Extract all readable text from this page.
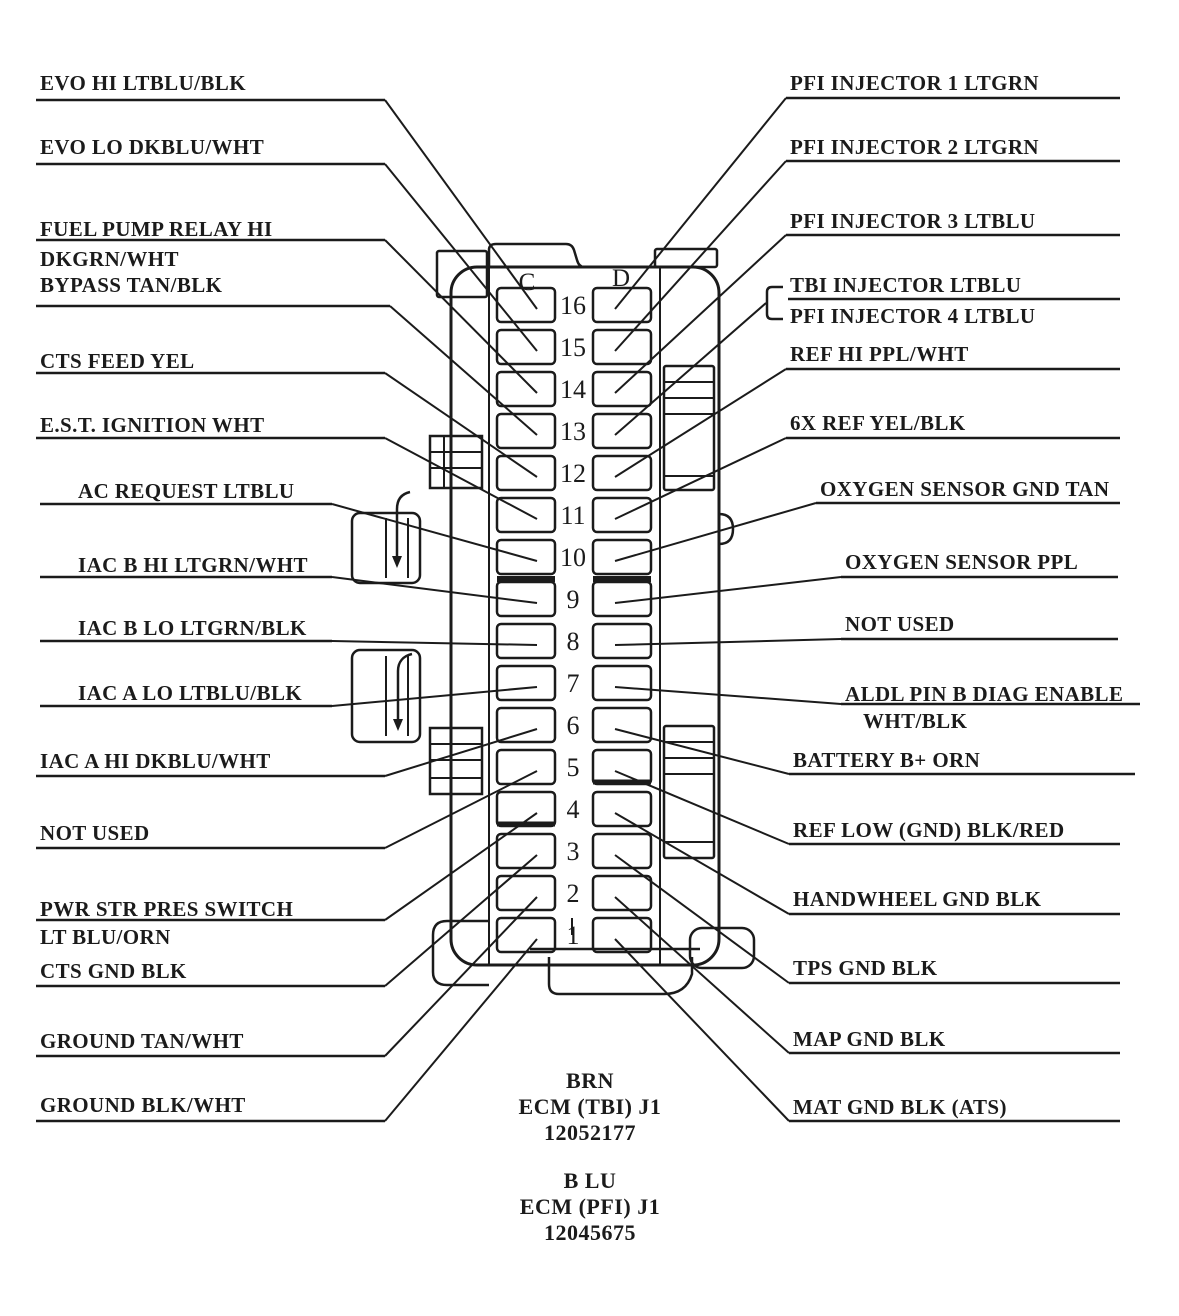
16
15
14
13
12
11
10
9
8
7
6
5
4
3
2
1
C	D
EVO HI LTBLU/BLK
EVO LO DKBLU/WHT
FUEL PUMP RELAY HI
DKGRN/WHT
BYPASS TAN/BLK
CTS FEED YEL
E.S.T. IGNITION WHT
AC REQUEST LTBLU
IAC B HI LTGRN/WHT
IAC B LO LTGRN/BLK
IAC A LO LTBLU/BLK
IAC A HI DKBLU/WHT
NOT USED
PWR STR PRES SWITCH
LT BLU/ORN
CTS GND BLK
GROUND TAN/WHT
GROUND BLK/WHT
PFI INJECTOR 1 LTGRN
PFI INJECTOR 2 LTGRN
PFI INJECTOR 3 LTBLU
TBI INJECTOR LTBLU
PFI INJECTOR 4 LTBLU
REF HI PPL/WHT
6X REF YEL/BLK
OXYGEN SENSOR GND TAN
OXYGEN SENSOR PPL
NOT USED
ALDL PIN B DIAG ENABLE
WHT/BLK
BATTERY B+ ORN
REF LOW (GND) BLK/RED
HANDWHEEL GND BLK
TPS GND BLK
MAP GND BLK
MAT GND BLK (ATS)
BRN
ECM (TBI) J1
12052177
B LU
ECM (PFI) J1
12045675
